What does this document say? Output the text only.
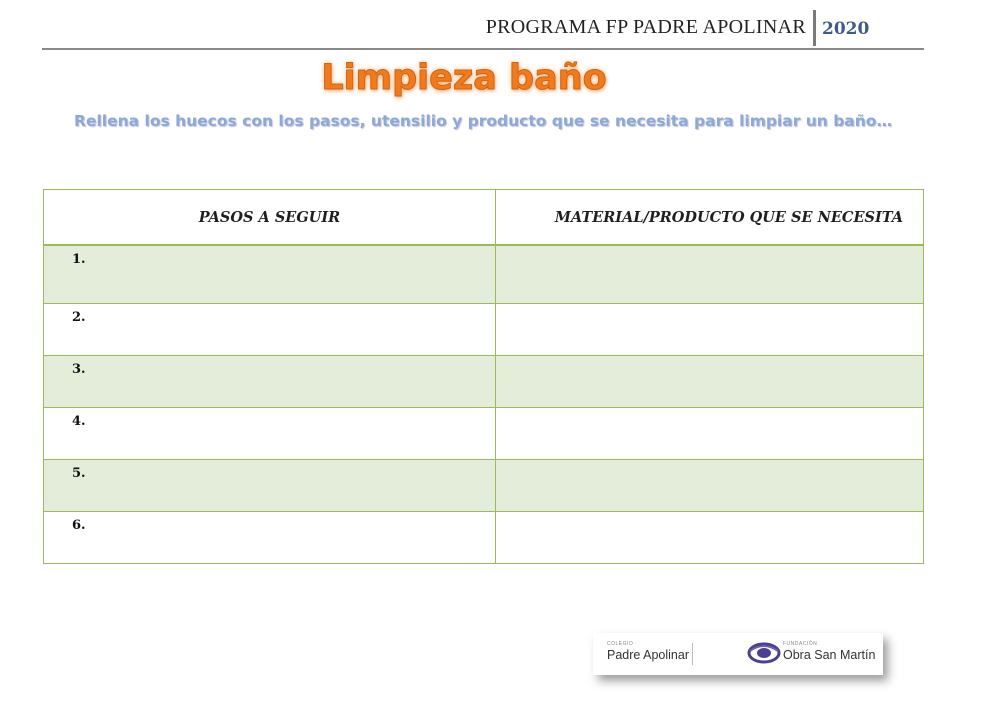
PROGRAMA FP PADRE APOLINAR 2020
Limpieza baño
Rellena los huecos con los pasos, utensilio y producto que se necesita para limpiar un baño…
PASOS A SEGUIR	MATERIAL/PRODUCTO QUE SE NECESITA

1.	

2.	

3.	

4.	

5.	

6.	

COLEGIO
Padre Apolinar
FUNDACIÓN
Obra San Martín
